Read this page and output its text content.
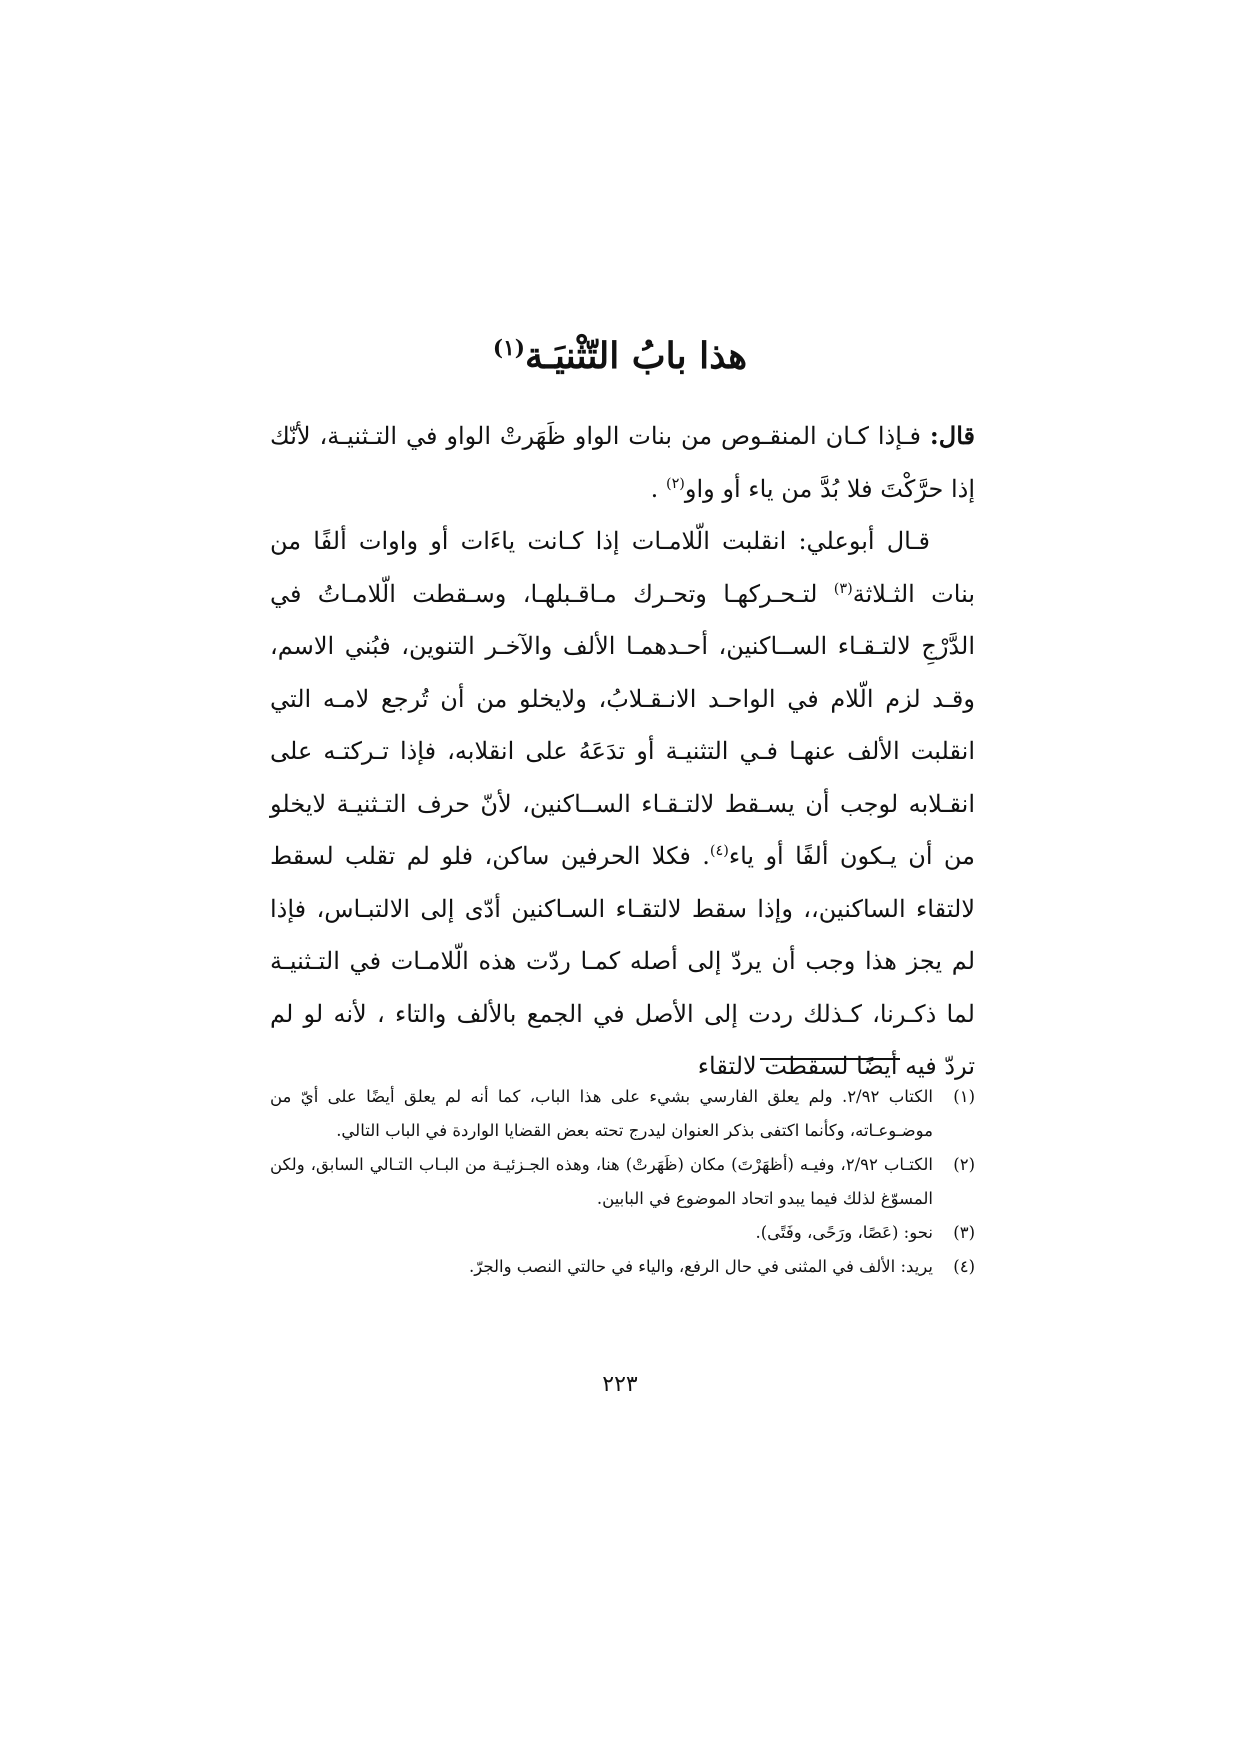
هذا بابُ التّثْنيَـة$^{(١)}$

قال: فـإذا كـان المنقـوص من بنات الواو ظَهَرتْ الواو في التـثنيـة، لأنّك إذا حرَّكْتَ فلا بُدَّ من ياء أو واو$^{(٢)}$ .

قـال أبوعلي: انقلبت الّلامـات إذا كـانت ياءَات أو واوات ألفًا من بنات الثـلاثة$^{(٣)}$ لتـحـركهـا وتحـرك مـاقـبلهـا، وسـقطت الّلامـاتُ في الدَّرْجِ لالتـقـاء الســاكنين، أحـدهمـا الألف والآخـر التنوين، فبُني الاسم، وقـد لزم الّلام في الواحـد الانـقـلابُ، ولايخلو من أن تُرجع لامـه التي انقلبت الألف عنهـا فـي التثنيـة أو تدَعَهُ على انقلابه، فإذا تـركتـه على انقـلابه لوجب أن يسـقط لالتـقـاء الســاكنين، لأنّ حرف التـثنيـة لايخلو من أن يـكون ألفًا أو ياء$^{(٤)}$. فكلا الحرفين ساكن، فلو لم تقلب لسقط لالتقاء الساكنين،، وإذا سقط لالتقـاء السـاكنين أدّى إلى الالتبـاس، فإذا لم يجز هذا وجب أن يردّ إلى أصله كمـا ردّت هذه الّلامـات في التـثنيـة لما ذكـرنا، كـذلك ردت إلى الأصل في الجمع بالألف والتاء ، لأنه لو لم تردّ فيه أيضًا لسقطت لالتقاء

(١)
الكتاب ٢/٩٢. ولم يعلق الفارسي بشيء على هذا الباب، كما أنه لم يعلق أيضًا على أيّ من موضـوعـاته، وكأنما اكتفى بذكر العنوان ليدرج تحته بعض القضايا الواردة في الباب التالي.
(٢)
الكتـاب ٢/٩٢، وفيـه (أظهَرْتَ) مكان (ظَهَرتْ) هنا، وهذه الجـزئيـة من البـاب التـالي السابق، ولكن المسوّغ لذلك فيما يبدو اتحاد الموضوع في البابين.
(٣)
نحو: (عَصًا، ورَحًى، وفَتًى).
(٤)
يريد: الألف في المثنى في حال الرفع، والياء في حالتي النصب والجرّ.
٢٢٣
